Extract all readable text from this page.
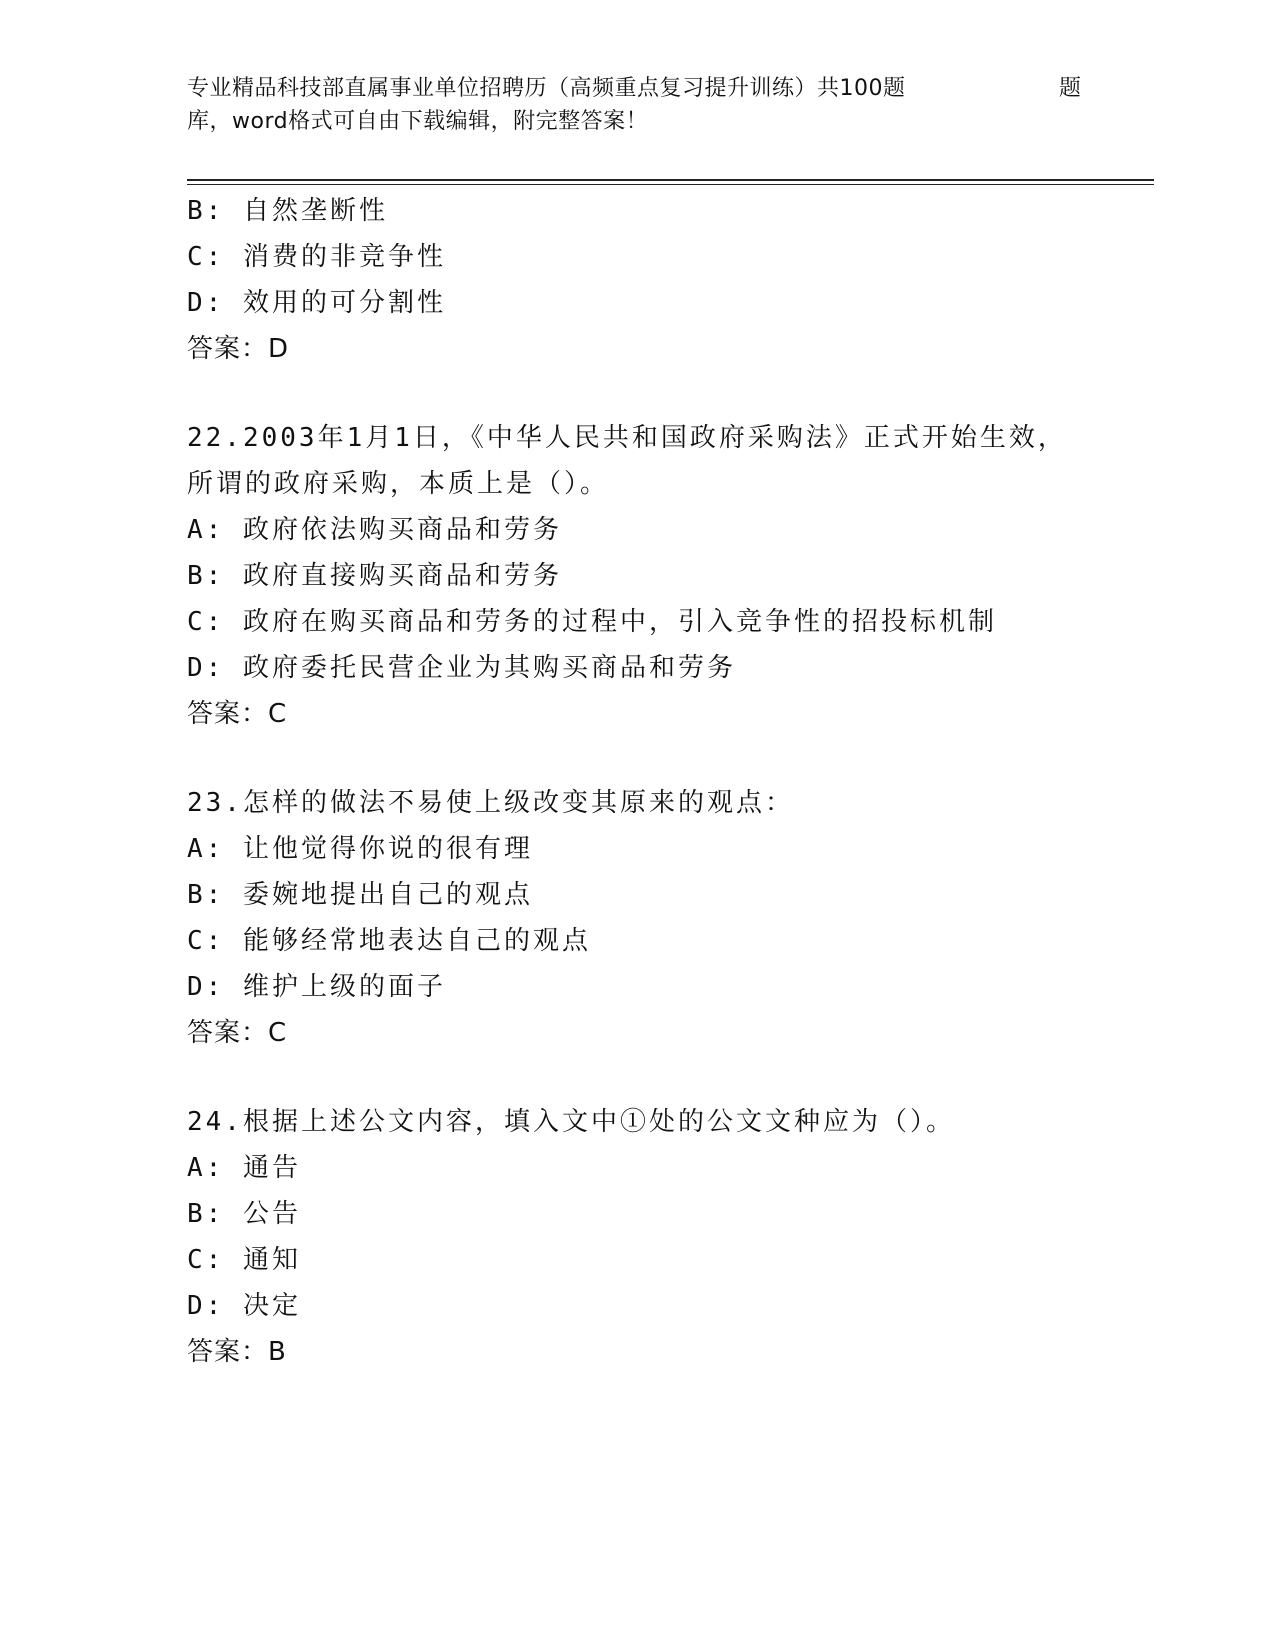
专业精品科技部直属事业单位招聘历（高频重点复习提升训练）共100题	题
库，word格式可自由下载编辑，附完整答案！
B: 自然垄断性
C: 消费的非竞争性
D: 效用的可分割性
答案：D
22.2003年1月1日，《中华人民共和国政府采购法》正式开始生效，
所谓的政府采购，本质上是（）。
A: 政府依法购买商品和劳务
B: 政府直接购买商品和劳务
C: 政府在购买商品和劳务的过程中，引入竞争性的招投标机制
D: 政府委托民营企业为其购买商品和劳务
答案：C
23.怎样的做法不易使上级改变其原来的观点：
A: 让他觉得你说的很有理
B: 委婉地提出自己的观点
C: 能够经常地表达自己的观点
D: 维护上级的面子
答案：C
24.根据上述公文内容，填入文中①处的公文文种应为（）。
A: 通告
B: 公告
C: 通知
D: 决定
答案：B
